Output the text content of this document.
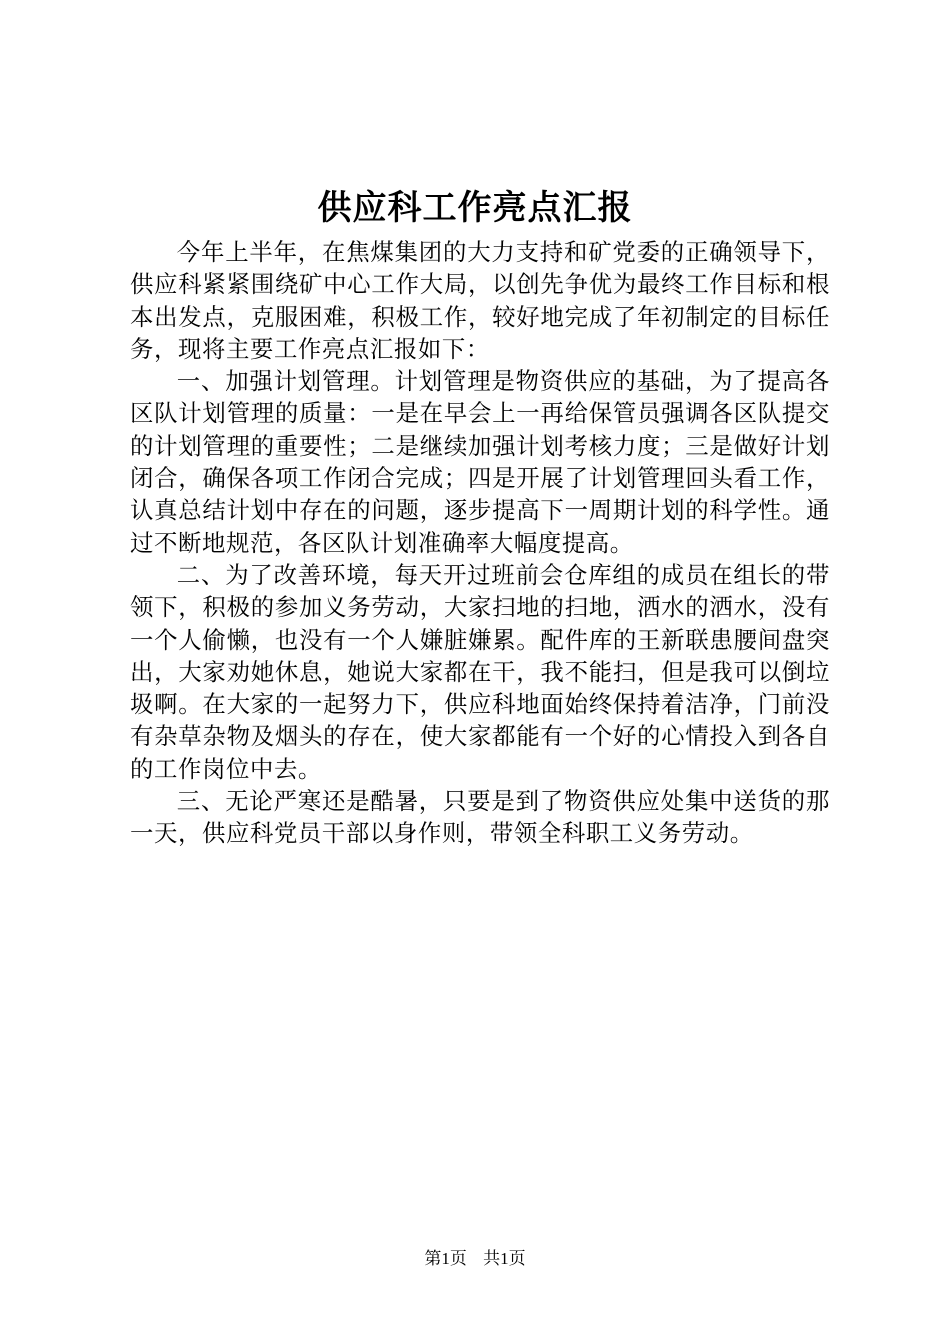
供应科工作亮点汇报

今年上半年，在焦煤集团的大力支持和矿党委的正确领导下，供应科紧紧围绕矿中心工作大局，以创先争优为最终工作目标和根本出发点，克服困难，积极工作，较好地完成了年初制定的目标任务，现将主要工作亮点汇报如下：

一、加强计划管理。计划管理是物资供应的基础，为了提高各区队计划管理的质量：一是在早会上一再给保管员强调各区队提交的计划管理的重要性；二是继续加强计划考核力度；三是做好计划闭合，确保各项工作闭合完成；四是开展了计划管理回头看工作，认真总结计划中存在的问题，逐步提高下一周期计划的科学性。通过不断地规范，各区队计划准确率大幅度提高。

二、为了改善环境，每天开过班前会仓库组的成员在组长的带领下，积极的参加义务劳动，大家扫地的扫地，洒水的洒水，没有一个人偷懒，也没有一个人嫌脏嫌累。配件库的王新联患腰间盘突出，大家劝她休息，她说大家都在干，我不能扫，但是我可以倒垃圾啊。在大家的一起努力下，供应科地面始终保持着洁净，门前没有杂草杂物及烟头的存在，使大家都能有一个好的心情投入到各自的工作岗位中去。

三、无论严寒还是酷暑，只要是到了物资供应处集中送货的那一天，供应科党员干部以身作则，带领全科职工义务劳动。

第1页 共1页
